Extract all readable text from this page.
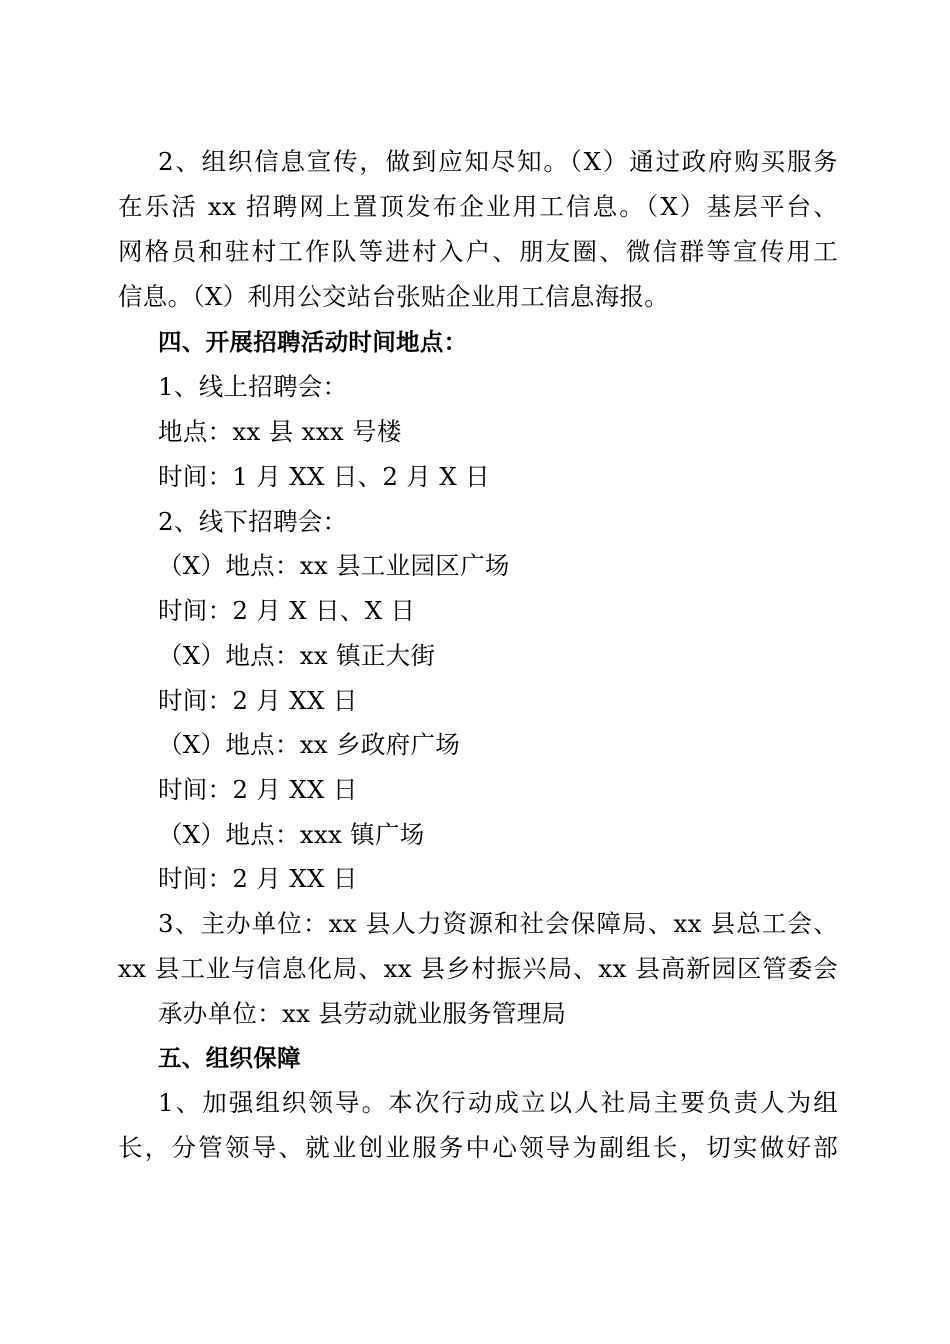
2、组织信息宣传，做到应知尽知。（X）通过政府购买服务
在乐活 xx 招聘网上置顶发布企业用工信息。（X）基层平台、
网格员和驻村工作队等进村入户、朋友圈、微信群等宣传用工
信息。（X）利用公交站台张贴企业用工信息海报。
四、开展招聘活动时间地点：
1、线上招聘会：
地点：xx 县 xxx 号楼
时间：1 月 XX 日、2 月 X 日
2、线下招聘会：
（X）地点：xx 县工业园区广场
时间：2 月 X 日、X 日
（X）地点：xx 镇正大街
时间：2 月 XX 日
（X）地点：xx 乡政府广场
时间：2 月 XX 日
（X）地点：xxx 镇广场
时间：2 月 XX 日
3、主办单位：xx 县人力资源和社会保障局、xx 县总工会、
xx 县工业与信息化局、xx 县乡村振兴局、xx 县高新园区管委会
承办单位：xx 县劳动就业服务管理局
五、组织保障
1、加强组织领导。本次行动成立以人社局主要负责人为组
长，分管领导、就业创业服务中心领导为副组长，切实做好部
